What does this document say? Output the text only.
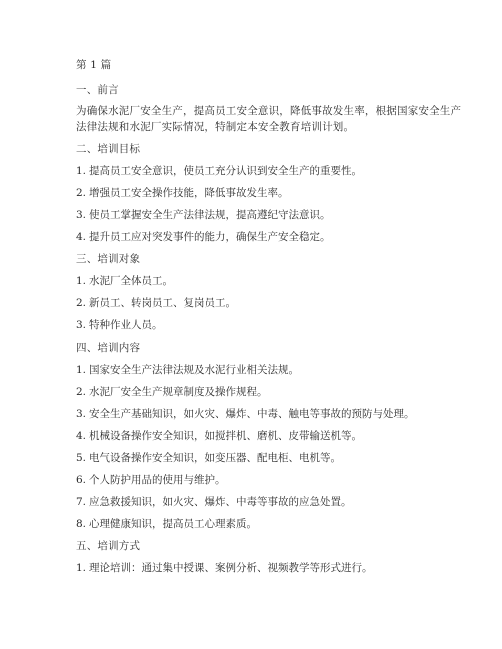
第 1 篇
一、前言
为确保水泥厂安全生产，提高员工安全意识，降低事故发生率，根据国家安全生产
法律法规和水泥厂实际情况，特制定本安全教育培训计划。
二、培训目标
1. 提高员工安全意识，使员工充分认识到安全生产的重要性。
2. 增强员工安全操作技能，降低事故发生率。
3. 使员工掌握安全生产法律法规，提高遵纪守法意识。
4. 提升员工应对突发事件的能力，确保生产安全稳定。
三、培训对象
1. 水泥厂全体员工。
2. 新员工、转岗员工、复岗员工。
3. 特种作业人员。
四、培训内容
1. 国家安全生产法律法规及水泥行业相关法规。
2. 水泥厂安全生产规章制度及操作规程。
3. 安全生产基础知识，如火灾、爆炸、中毒、触电等事故的预防与处理。
4. 机械设备操作安全知识，如搅拌机、磨机、皮带输送机等。
5. 电气设备操作安全知识，如变压器、配电柜、电机等。
6. 个人防护用品的使用与维护。
7. 应急救援知识，如火灾、爆炸、中毒等事故的应急处置。
8. 心理健康知识，提高员工心理素质。
五、培训方式
1. 理论培训：通过集中授课、案例分析、视频教学等形式进行。
